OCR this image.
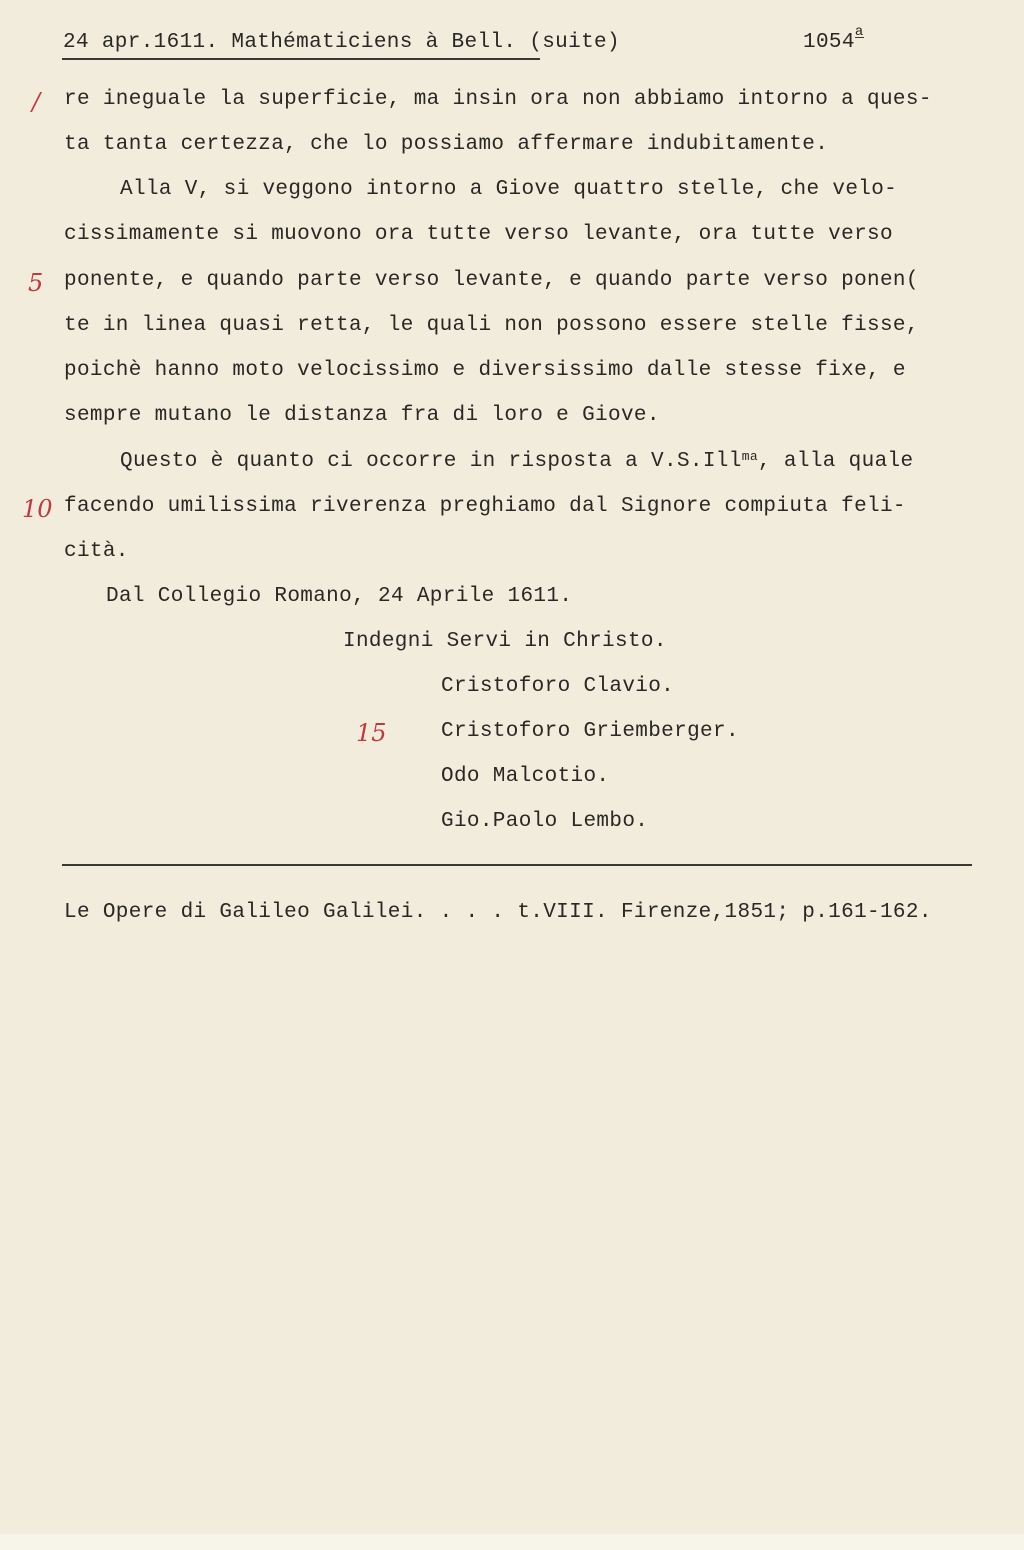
24 apr.1611. Mathématiciens à Bell. (suite)	1054$^a$
/ re ineguale la superficie, ma insin ora non abbiamo intorno a ques-
ta tanta certezza, che lo possiamo affermare indubitamente.
Alla V, si veggono intorno a Giove quattro stelle, che velo-
cissimamente si muovono ora tutte verso levante, ora tutte verso
5 ponente, e quando parte verso levante, e quando parte verso ponen(
te in linea quasi retta, le quali non possono essere stelle fisse,
poichè hanno moto velocissimo e diversissimo dalle stesse fixe, e
sempre mutano le distanza fra di loro e Giove.
Questo è quanto ci occorre in risposta a V.S.Ill$^{ma}$, alla quale
10 facendo umilissima riverenza preghiamo dal Signore compiuta feli-
cità.
Dal Collegio Romano, 24 Aprile 1611.
Indegni Servi in Christo.
Cristoforo Clavio.
15	Cristoforo Griemberger.
Odo Malcotio.
Gio.Paolo Lembo.
Le Opere di Galileo Galilei. . . . t.VIII. Firenze,1851; p.161-162.
